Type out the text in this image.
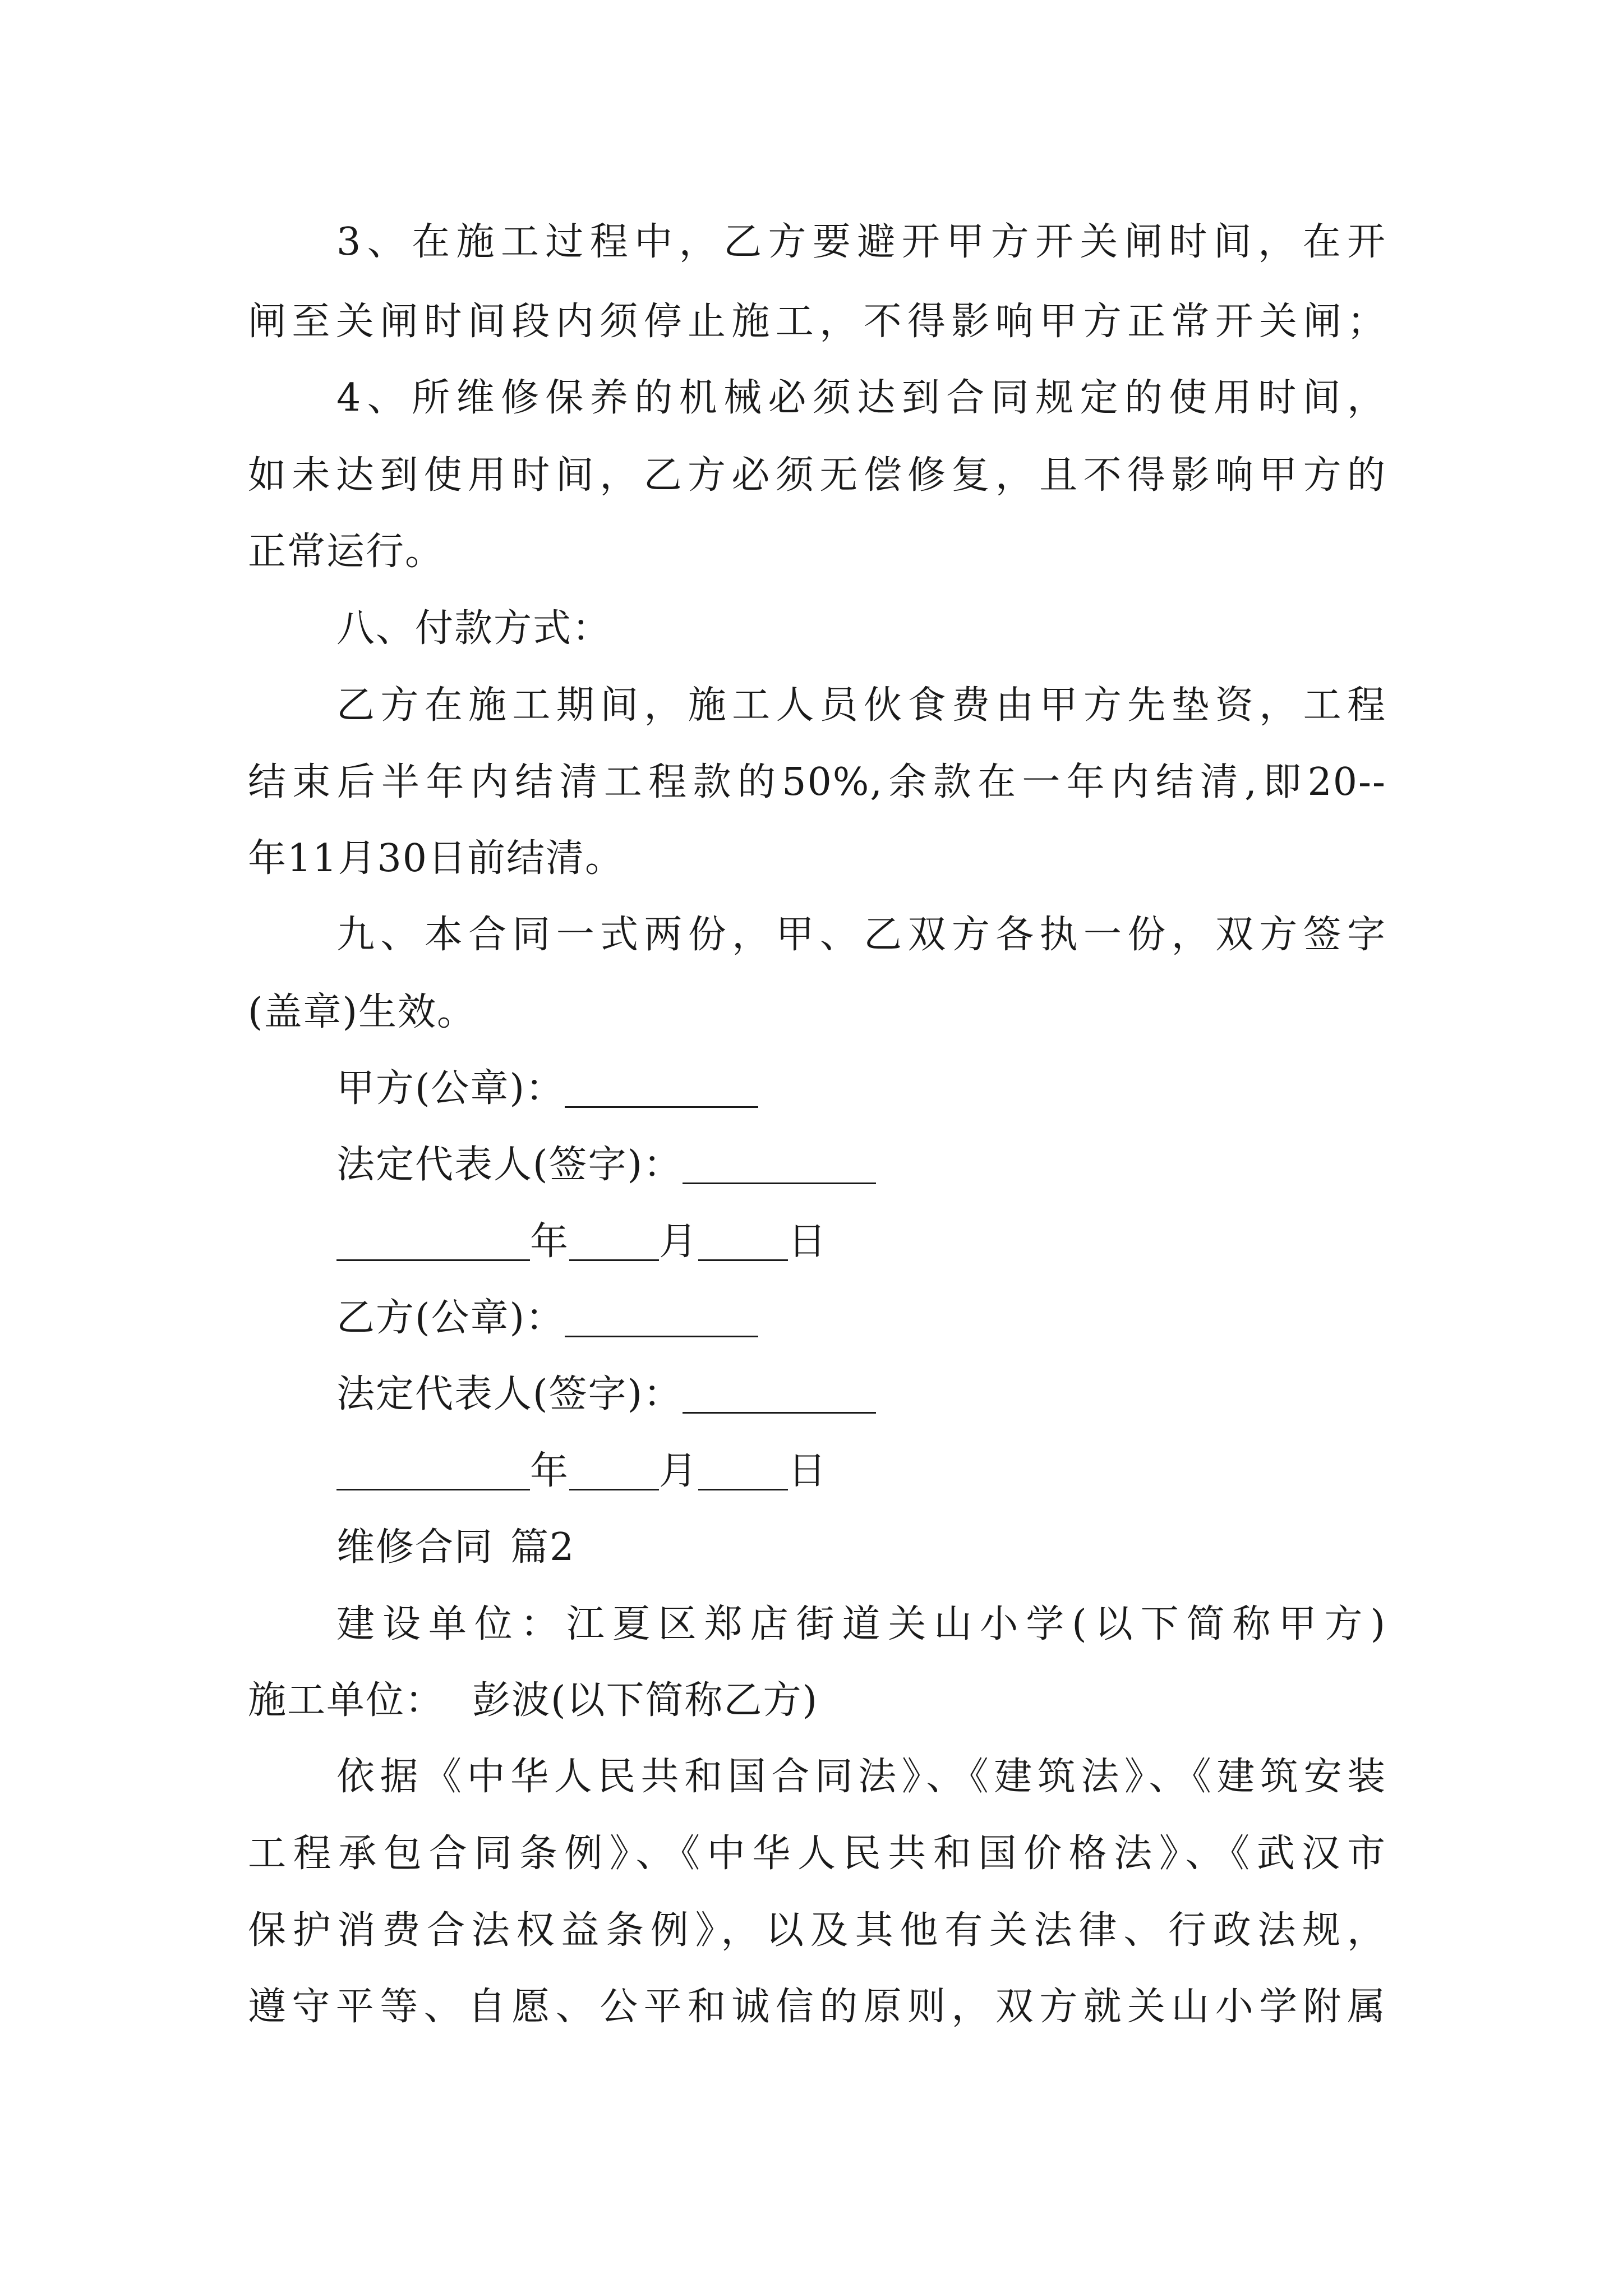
3、在施工过程中，乙方要避开甲方开关闸时间，在开
闸至关闸时间段内须停止施工，不得影响甲方正常开关闸；
4、所维修保养的机械必须达到合同规定的使用时间，
如未达到使用时间，乙方必须无偿修复，且不得影响甲方的
正常运行。
八、付款方式：
乙方在施工期间，施工人员伙食费由甲方先垫资，工程
结束后半年内结清工程款的50%,余款在一年内结清,即20--
年11月30日前结清。
九、本合同一式两份，甲、乙双方各执一份，双方签字
(盖章)生效。
甲方(公章)：
法定代表人(签字)：
年 月 日
乙方(公章)：
法定代表人(签字)：
年 月 日
维修合同 篇2
建设单位：江夏区郑店街道关山小学(以下简称甲方)
施工单位： 彭波(以下简称乙方)
依据《中华人民共和国合同法》、《建筑法》、《建筑安装
工程承包合同条例》、《中华人民共和国价格法》、《武汉市
保护消费合法权益条例》，以及其他有关法律、行政法规，
遵守平等、自愿、公平和诚信的原则，双方就关山小学附属
